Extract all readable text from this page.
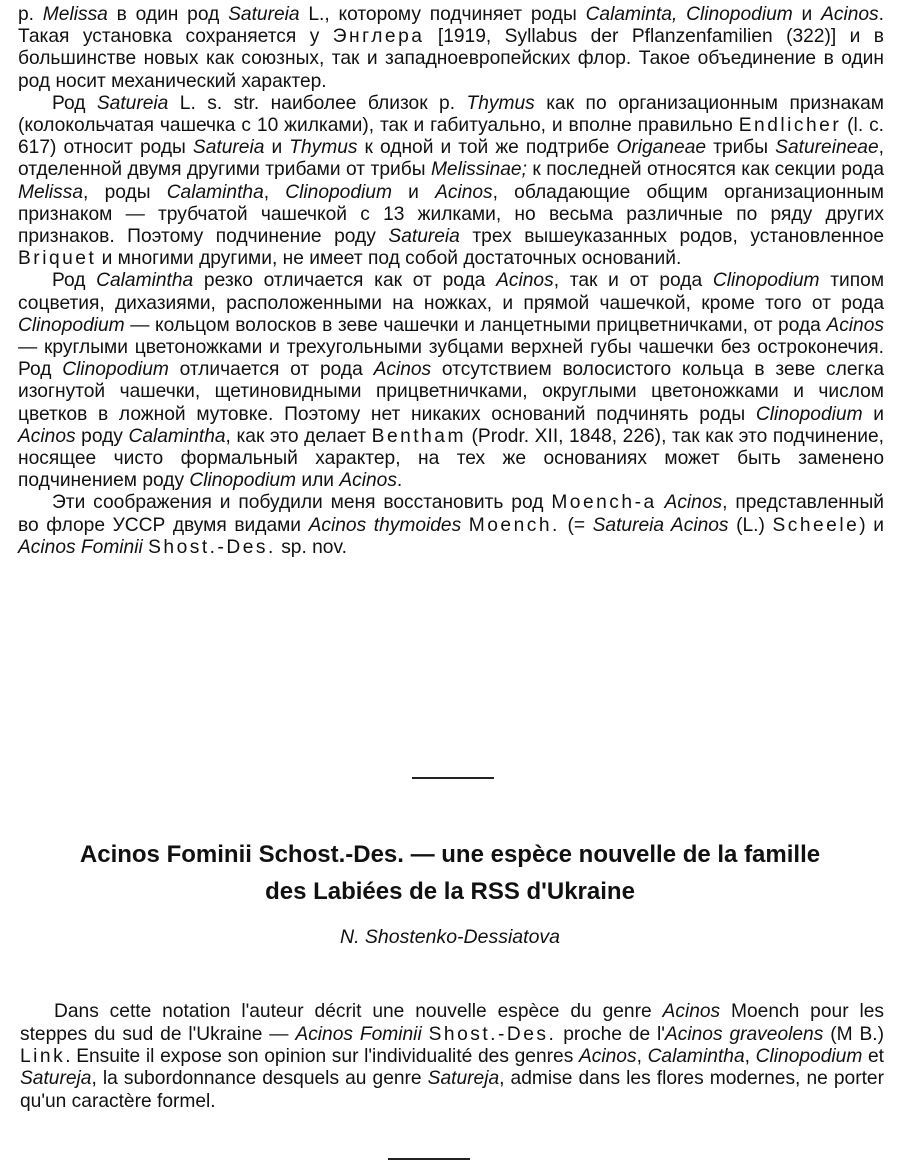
р. Melissa в один род Satureia L., которому подчиняет роды Calaminta, Clinopodium и Acinos. Такая установка сохраняется у Энглера [1919, Syllabus der Pflanzenfamilien (322)] и в большинстве новых как союзных, так и западноевропейских флор. Такое объединение в один род носит механический характер.

Род Satureia L. s. str. наиболее близок р. Thymus как по организационным признакам (колокольчатая чашечка с 10 жилками), так и габитуально, и вполне правильно Endlicher (l. c. 617) относит роды Satureia и Thymus к одной и той же подтрибе Origaneae трибы Satureineae, отделенной двумя другими трибами от трибы Melissinae; к последней относятся как секции рода Melissa, роды Calamintha, Clinopodium и Acinos, обладающие общим организационным признаком — трубчатой чашечкой с 13 жилками, но весьма различные по ряду других признаков. Поэтому подчинение роду Satureia трех вышеуказанных родов, установленное Briquet и многими другими, не имеет под собой достаточных оснований.

Род Calamintha резко отличается как от рода Acinos, так и от рода Clinopodium типом соцветия, дихазиями, расположенными на ножках, и прямой чашечкой, кроме того от рода Clinopodium — кольцом волосков в зеве чашечки и ланцетными прицветничками, от рода Acinos — круглыми цветоножками и трехугольными зубцами верхней губы чашечки без остроконечия. Род Clinopodium отличается от рода Acinos отсутствием волосистого кольца в зеве слегка изогнутой чашечки, щетиновидными прицветничками, округлыми цветоножками и числом цветков в ложной мутовке. Поэтому нет никаких оснований подчинять роды Clinopodium и Acinos роду Calamintha, как это делает Bentham (Prodr. XII, 1848, 226), так как это подчинение, носящее чисто формальный характер, на тех же основаниях может быть заменено подчинением роду Clinopodium или Acinos.

Эти соображения и побудили меня восстановить род Moench-a Acinos, представленный во флоре УССР двумя видами Acinos thymoides Moench. (= Satureia Acinos (L.) Scheele) и Acinos Fominii Shost.-Des. sp. nov.

Acinos Fominii Schost.-Des. — une espèce nouvelle de la famille
des Labiées de la RSS d'Ukraine
N. Shostenko-Dessiatova

Dans cette notation l'auteur décrit une nouvelle espèce du genre Acinos Moench pour les steppes du sud de l'Ukraine — Acinos Fominii Shost.-Des. proche de l'Acinos graveolens (M B.) Link. Ensuite il expose son opinion sur l'individualité des genres Acinos, Calamintha, Clinopodium et Satureja, la subordonnance desquels au genre Satureja, admise dans les flores modernes, ne porter qu'un caractère formel.
